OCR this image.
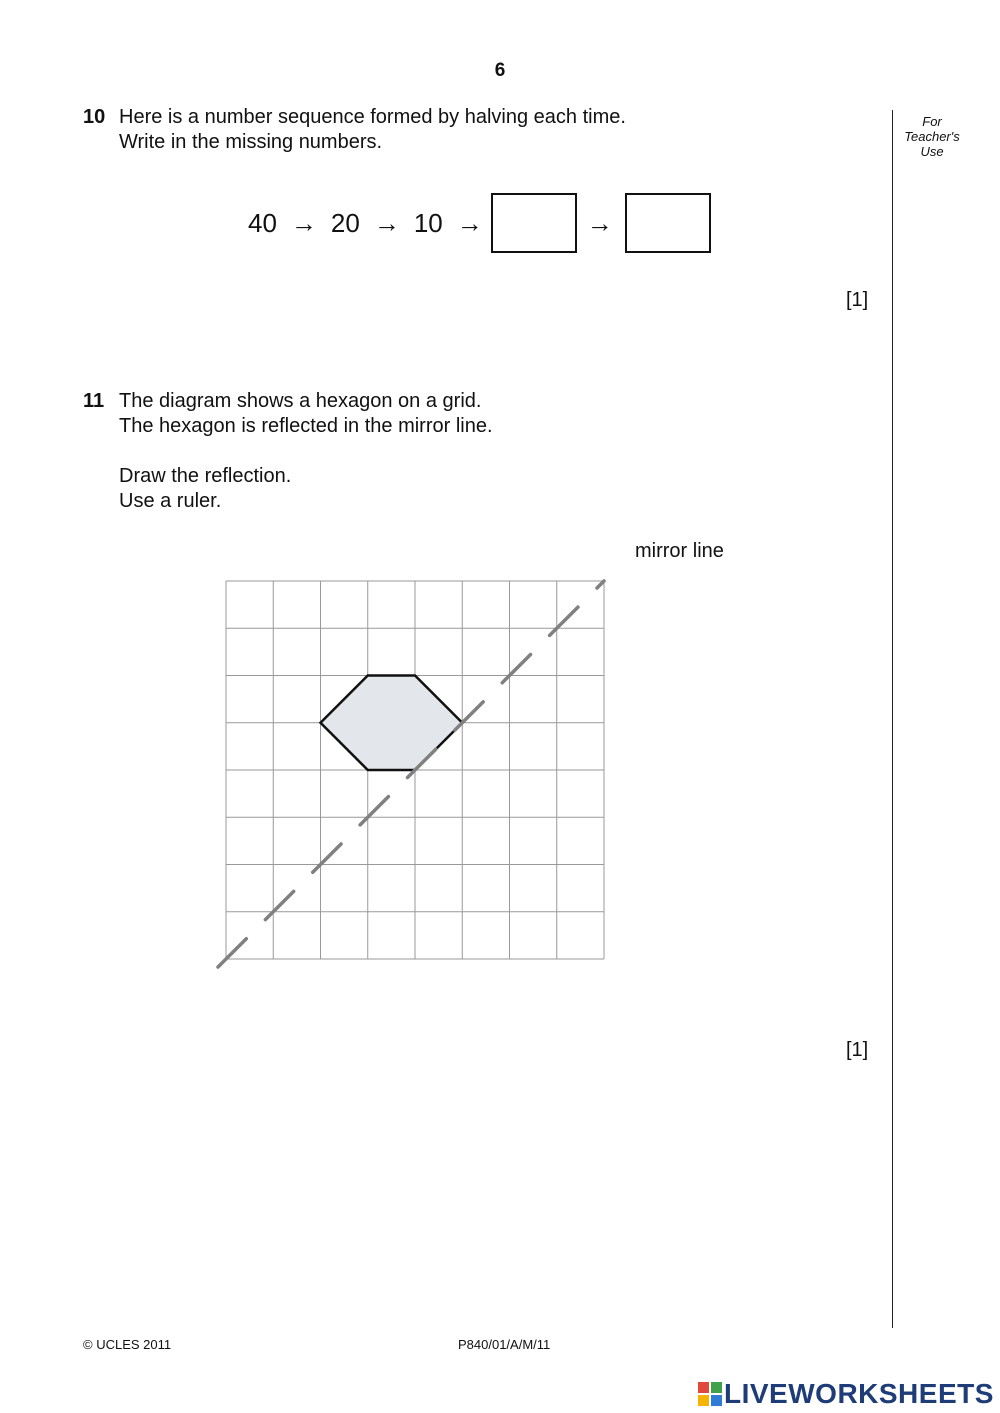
6
For
Teacher's
Use
10 Here is a number sequence formed by halving each time.
Write in the missing numbers.
40 → 20 → 10 →	→
[1]
11 The diagram shows a hexagon on a grid.
The hexagon is reflected in the mirror line.
Draw the reflection.
Use a ruler.
mirror line
[1]
© UCLES 2011	P840/01/A/M/11
LIVEWORKSHEETS
